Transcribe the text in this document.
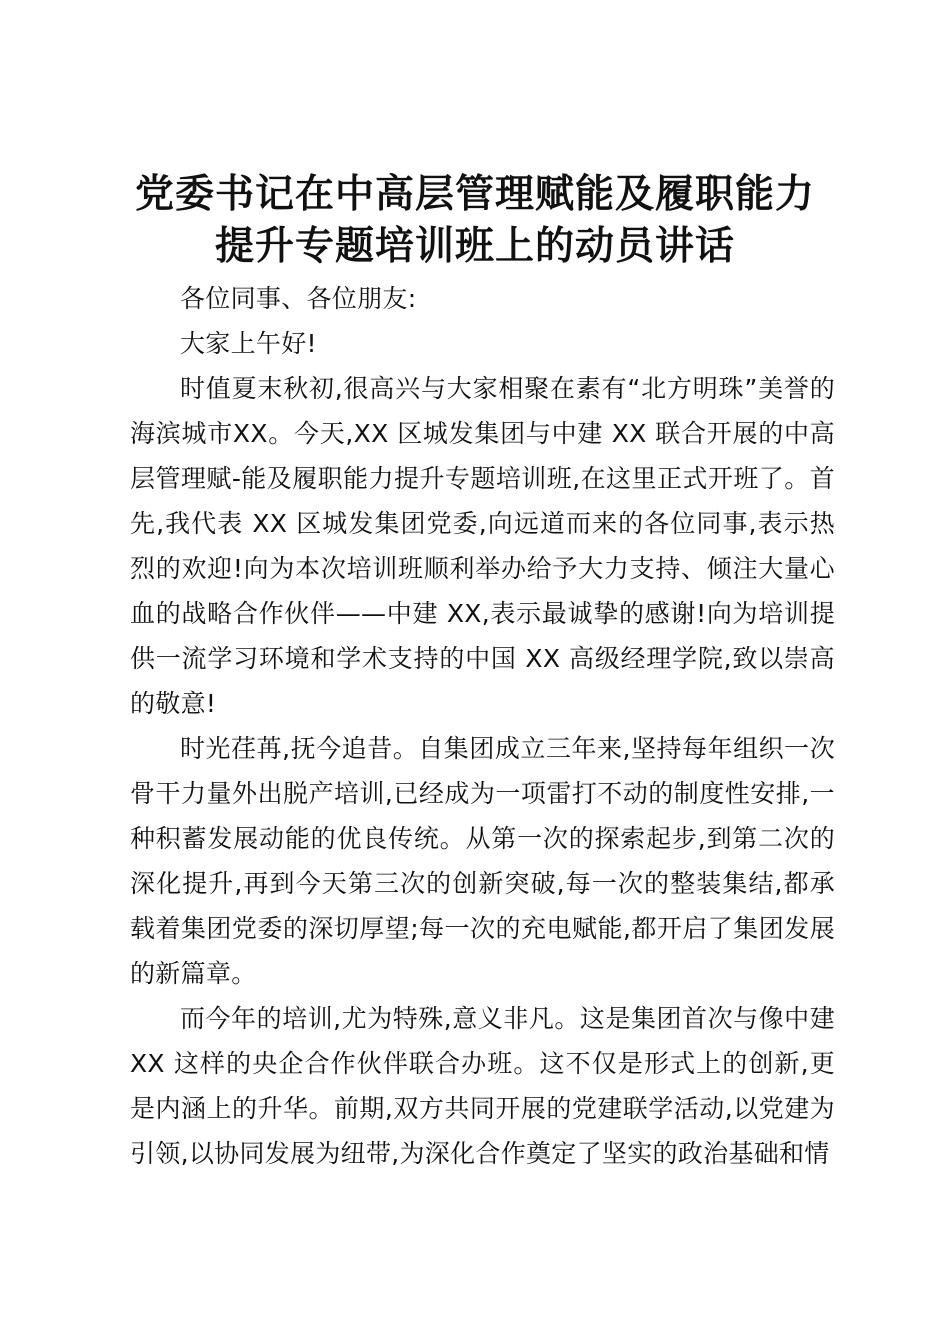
党委书记在中高层管理赋能及履职能力
提升专题培训班上的动员讲话

各位同事、各位朋友:

大家上午好!

时值夏末秋初,很高兴与大家相聚在素有“北方明珠”美誉的海滨城市XX。今天,XX 区城发集团与中建 XX 联合开展的中高层管理赋-能及履职能力提升专题培训班,在这里正式开班了。首先,我代表 XX 区城发集团党委,向远道而来的各位同事,表示热烈的欢迎!向为本次培训班顺利举办给予大力支持、倾注大量心血的战略合作伙伴——中建 XX,表示最诚挚的感谢!向为培训提供一流学习环境和学术支持的中国 XX 高级经理学院,致以崇高的敬意!

时光荏苒,抚今追昔。自集团成立三年来,坚持每年组织一次骨干力量外出脱产培训,已经成为一项雷打不动的制度性安排,一种积蓄发展动能的优良传统。从第一次的探索起步,到第二次的深化提升,再到今天第三次的创新突破,每一次的整装集结,都承载着集团党委的深切厚望;每一次的充电赋能,都开启了集团发展的新篇章。

而今年的培训,尤为特殊,意义非凡。这是集团首次与像中建 XX 这样的央企合作伙伴联合办班。这不仅是形式上的创新,更是内涵上的升华。前期,双方共同开展的党建联学活动,以党建为引领,以协同发展为纽带,为深化合作奠定了坚实的政治基础和情
